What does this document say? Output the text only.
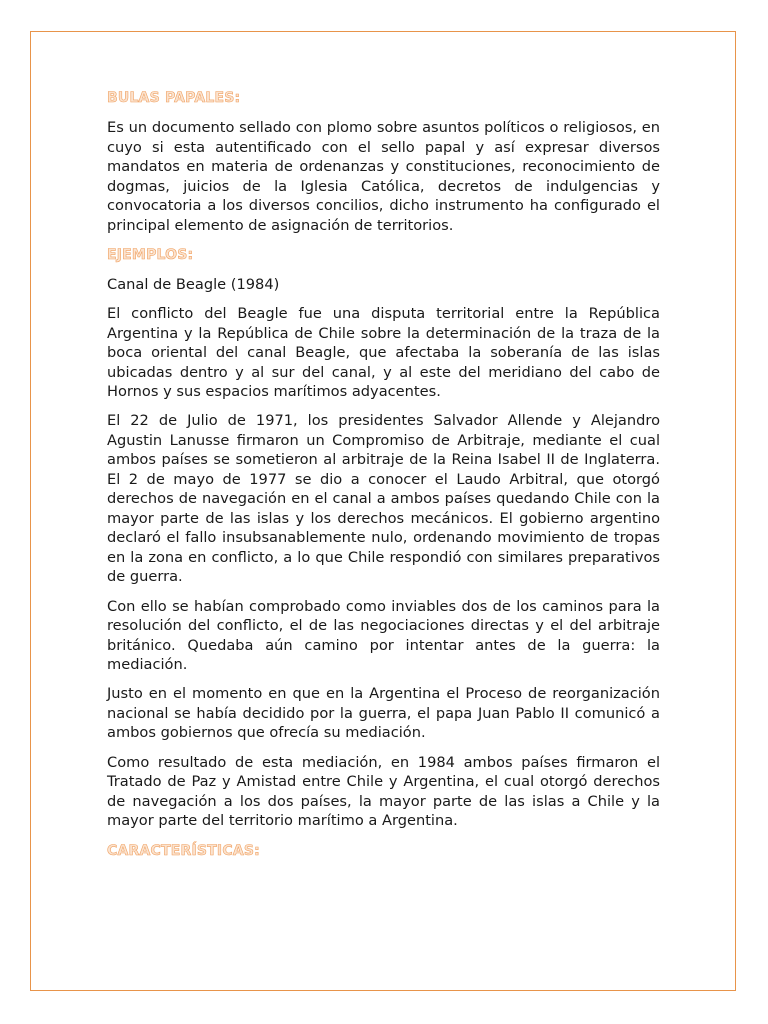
BULAS PAPALES:

Es un documento sellado con plomo sobre asuntos políticos o religiosos, en cuyo si esta autentificado con el sello papal y así expresar diversos mandatos en materia de ordenanzas y constituciones, reconocimiento de dogmas, juicios de la Iglesia Católica, decretos de indulgencias y convocatoria a los diversos concilios, dicho instrumento ha configurado el principal elemento de asignación de territorios.

EJEMPLOS:

Canal de Beagle (1984)

El conflicto del Beagle fue una disputa territorial entre la República Argentina y la República de Chile sobre la determinación de la traza de la boca oriental del canal Beagle, que afectaba la soberanía de las islas ubicadas dentro y al sur del canal, y al este del meridiano del cabo de Hornos y sus espacios marítimos adyacentes.

El 22 de Julio de 1971, los presidentes Salvador Allende y Alejandro Agustin Lanusse firmaron un Compromiso de Arbitraje, mediante el cual ambos países se sometieron al arbitraje de la Reina Isabel II de Inglaterra. El 2 de mayo de 1977 se dio a conocer el Laudo Arbitral, que otorgó derechos de navegación en el canal a ambos países quedando Chile con la mayor parte de las islas y los derechos mecánicos. El gobierno argentino declaró el fallo insubsanablemente nulo, ordenando movimiento de tropas en la zona en conflicto, a lo que Chile respondió con similares preparativos de guerra.

Con ello se habían comprobado como inviables dos de los caminos para la resolución del conflicto, el de las negociaciones directas y el del arbitraje británico. Quedaba aún camino por intentar antes de la guerra: la mediación.

Justo en el momento en que en la Argentina el Proceso de reorganización nacional se había decidido por la guerra, el papa Juan Pablo II comunicó a ambos gobiernos que ofrecía su mediación.

Como resultado de esta mediación, en 1984 ambos países firmaron el Tratado de Paz y Amistad entre Chile y Argentina, el cual otorgó derechos de navegación a los dos países, la mayor parte de las islas a Chile y la mayor parte del territorio marítimo a Argentina.

CARACTERÍSTICAS:
